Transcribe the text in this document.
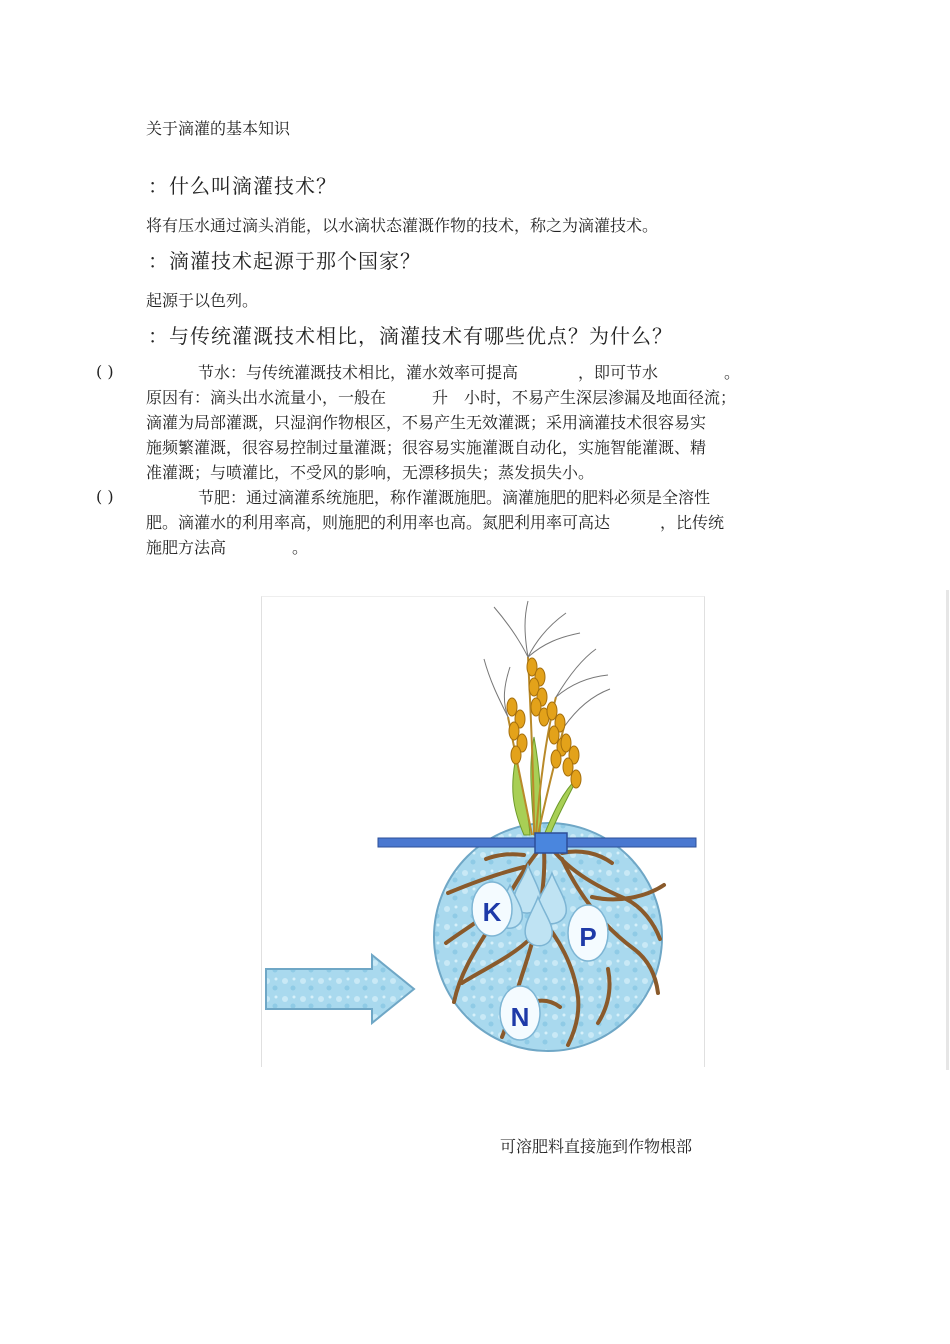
关于滴灌的基本知识
：什么叫滴灌技术？
将有压水通过滴头消能，以水滴状态灌溉作物的技术，称之为滴灌技术。
：滴灌技术起源于那个国家？
起源于以色列。
：与传统灌溉技术相比，滴灌技术有哪些优点？为什么？
( )	节水：与传统灌溉技术相比，灌水效率可提高	，即可节水	。
原因有：滴头出水流量小，一般在	升 小时，不易产生深层渗漏及地面径流；
滴灌为局部灌溉，只湿润作物根区，不易产生无效灌溉；采用滴灌技术很容易实
施频繁灌溉，很容易控制过量灌溉；很容易实施灌溉自动化，实施智能灌溉、精
准灌溉；与喷灌比，不受风的影响，无漂移损失；蒸发损失小。
( )	节肥：通过滴灌系统施肥，称作灌溉施肥。滴灌施肥的肥料必须是全溶性
肥。滴灌水的利用率高，则施肥的利用率也高。氮肥利用率可高达	，比传统
施肥方法高	。
K
P
N
可溶肥料直接施到作物根部
